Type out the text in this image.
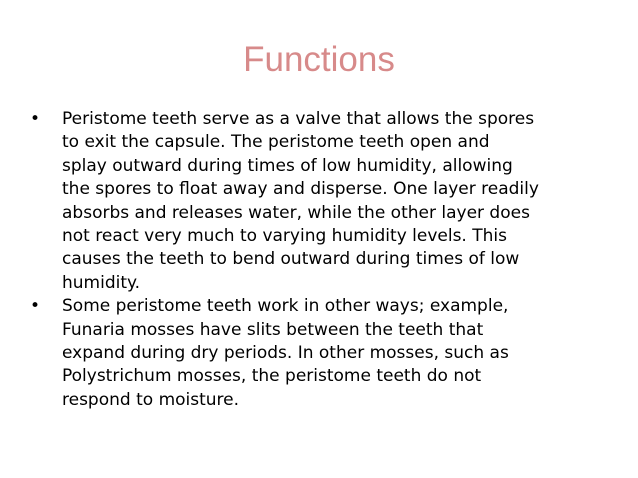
Functions
•	Peristome teeth serve as a valve that allows the spores
to exit the capsule. The peristome teeth open and
splay outward during times of low humidity, allowing
the spores to float away and disperse. One layer readily
absorbs and releases water, while the other layer does
not react very much to varying humidity levels. This
causes the teeth to bend outward during times of low
humidity.
•	Some peristome teeth work in other ways; example,
Funaria mosses have slits between the teeth that
expand during dry periods. In other mosses, such as
Polystrichum mosses, the peristome teeth do not
respond to moisture.
